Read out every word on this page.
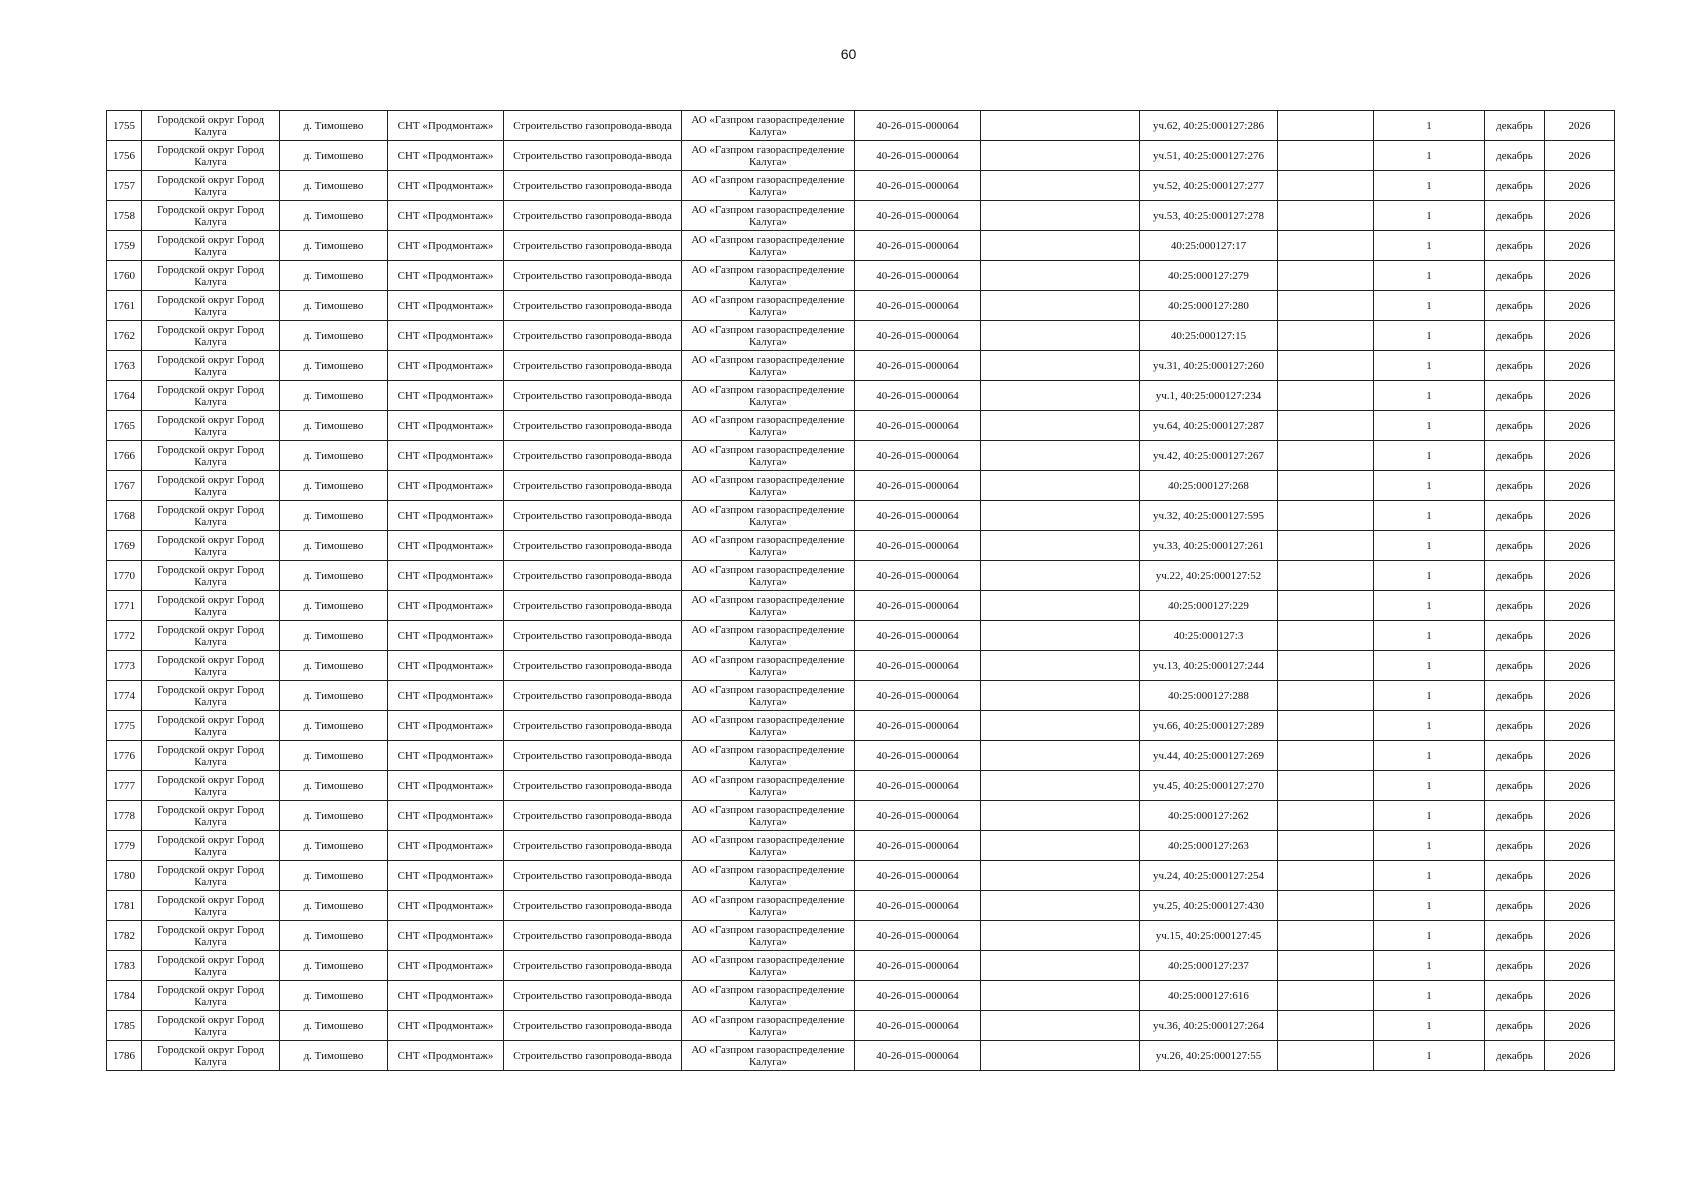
60
1755	Городской округ Город Калуга	д. Тимошево	СНТ «Продмонтаж»	Строительство газопровода-ввода	АО «Газпром газораспределение Калуга»	40-26-015-000064		уч.62, 40:25:000127:286		1	декабрь	2026
1756	Городской округ Город Калуга	д. Тимошево	СНТ «Продмонтаж»	Строительство газопровода-ввода	АО «Газпром газораспределение Калуга»	40-26-015-000064		уч.51, 40:25:000127:276		1	декабрь	2026
1757	Городской округ Город Калуга	д. Тимошево	СНТ «Продмонтаж»	Строительство газопровода-ввода	АО «Газпром газораспределение Калуга»	40-26-015-000064		уч.52, 40:25:000127:277		1	декабрь	2026
1758	Городской округ Город Калуга	д. Тимошево	СНТ «Продмонтаж»	Строительство газопровода-ввода	АО «Газпром газораспределение Калуга»	40-26-015-000064		уч.53, 40:25:000127:278		1	декабрь	2026
1759	Городской округ Город Калуга	д. Тимошево	СНТ «Продмонтаж»	Строительство газопровода-ввода	АО «Газпром газораспределение Калуга»	40-26-015-000064		40:25:000127:17		1	декабрь	2026
1760	Городской округ Город Калуга	д. Тимошево	СНТ «Продмонтаж»	Строительство газопровода-ввода	АО «Газпром газораспределение Калуга»	40-26-015-000064		40:25:000127:279		1	декабрь	2026
1761	Городской округ Город Калуга	д. Тимошево	СНТ «Продмонтаж»	Строительство газопровода-ввода	АО «Газпром газораспределение Калуга»	40-26-015-000064		40:25:000127:280		1	декабрь	2026
1762	Городской округ Город Калуга	д. Тимошево	СНТ «Продмонтаж»	Строительство газопровода-ввода	АО «Газпром газораспределение Калуга»	40-26-015-000064		40:25:000127:15		1	декабрь	2026
1763	Городской округ Город Калуга	д. Тимошево	СНТ «Продмонтаж»	Строительство газопровода-ввода	АО «Газпром газораспределение Калуга»	40-26-015-000064		уч.31, 40:25:000127:260		1	декабрь	2026
1764	Городской округ Город Калуга	д. Тимошево	СНТ «Продмонтаж»	Строительство газопровода-ввода	АО «Газпром газораспределение Калуга»	40-26-015-000064		уч.1, 40:25:000127:234		1	декабрь	2026
1765	Городской округ Город Калуга	д. Тимошево	СНТ «Продмонтаж»	Строительство газопровода-ввода	АО «Газпром газораспределение Калуга»	40-26-015-000064		уч.64, 40:25:000127:287		1	декабрь	2026
1766	Городской округ Город Калуга	д. Тимошево	СНТ «Продмонтаж»	Строительство газопровода-ввода	АО «Газпром газораспределение Калуга»	40-26-015-000064		уч.42, 40:25:000127:267		1	декабрь	2026
1767	Городской округ Город Калуга	д. Тимошево	СНТ «Продмонтаж»	Строительство газопровода-ввода	АО «Газпром газораспределение Калуга»	40-26-015-000064		40:25:000127:268		1	декабрь	2026
1768	Городской округ Город Калуга	д. Тимошево	СНТ «Продмонтаж»	Строительство газопровода-ввода	АО «Газпром газораспределение Калуга»	40-26-015-000064		уч.32, 40:25:000127:595		1	декабрь	2026
1769	Городской округ Город Калуга	д. Тимошево	СНТ «Продмонтаж»	Строительство газопровода-ввода	АО «Газпром газораспределение Калуга»	40-26-015-000064		уч.33, 40:25:000127:261		1	декабрь	2026
1770	Городской округ Город Калуга	д. Тимошево	СНТ «Продмонтаж»	Строительство газопровода-ввода	АО «Газпром газораспределение Калуга»	40-26-015-000064		уч.22, 40:25:000127:52		1	декабрь	2026
1771	Городской округ Город Калуга	д. Тимошево	СНТ «Продмонтаж»	Строительство газопровода-ввода	АО «Газпром газораспределение Калуга»	40-26-015-000064		40:25:000127:229		1	декабрь	2026
1772	Городской округ Город Калуга	д. Тимошево	СНТ «Продмонтаж»	Строительство газопровода-ввода	АО «Газпром газораспределение Калуга»	40-26-015-000064		40:25:000127:3		1	декабрь	2026
1773	Городской округ Город Калуга	д. Тимошево	СНТ «Продмонтаж»	Строительство газопровода-ввода	АО «Газпром газораспределение Калуга»	40-26-015-000064		уч.13, 40:25:000127:244		1	декабрь	2026
1774	Городской округ Город Калуга	д. Тимошево	СНТ «Продмонтаж»	Строительство газопровода-ввода	АО «Газпром газораспределение Калуга»	40-26-015-000064		40:25:000127:288		1	декабрь	2026
1775	Городской округ Город Калуга	д. Тимошево	СНТ «Продмонтаж»	Строительство газопровода-ввода	АО «Газпром газораспределение Калуга»	40-26-015-000064		уч.66, 40:25:000127:289		1	декабрь	2026
1776	Городской округ Город Калуга	д. Тимошево	СНТ «Продмонтаж»	Строительство газопровода-ввода	АО «Газпром газораспределение Калуга»	40-26-015-000064		уч.44, 40:25:000127:269		1	декабрь	2026
1777	Городской округ Город Калуга	д. Тимошево	СНТ «Продмонтаж»	Строительство газопровода-ввода	АО «Газпром газораспределение Калуга»	40-26-015-000064		уч.45, 40:25:000127:270		1	декабрь	2026
1778	Городской округ Город Калуга	д. Тимошево	СНТ «Продмонтаж»	Строительство газопровода-ввода	АО «Газпром газораспределение Калуга»	40-26-015-000064		40:25:000127:262		1	декабрь	2026
1779	Городской округ Город Калуга	д. Тимошево	СНТ «Продмонтаж»	Строительство газопровода-ввода	АО «Газпром газораспределение Калуга»	40-26-015-000064		40:25:000127:263		1	декабрь	2026
1780	Городской округ Город Калуга	д. Тимошево	СНТ «Продмонтаж»	Строительство газопровода-ввода	АО «Газпром газораспределение Калуга»	40-26-015-000064		уч.24, 40:25:000127:254		1	декабрь	2026
1781	Городской округ Город Калуга	д. Тимошево	СНТ «Продмонтаж»	Строительство газопровода-ввода	АО «Газпром газораспределение Калуга»	40-26-015-000064		уч.25, 40:25:000127:430		1	декабрь	2026
1782	Городской округ Город Калуга	д. Тимошево	СНТ «Продмонтаж»	Строительство газопровода-ввода	АО «Газпром газораспределение Калуга»	40-26-015-000064		уч.15, 40:25:000127:45		1	декабрь	2026
1783	Городской округ Город Калуга	д. Тимошево	СНТ «Продмонтаж»	Строительство газопровода-ввода	АО «Газпром газораспределение Калуга»	40-26-015-000064		40:25:000127:237		1	декабрь	2026
1784	Городской округ Город Калуга	д. Тимошево	СНТ «Продмонтаж»	Строительство газопровода-ввода	АО «Газпром газораспределение Калуга»	40-26-015-000064		40:25:000127:616		1	декабрь	2026
1785	Городской округ Город Калуга	д. Тимошево	СНТ «Продмонтаж»	Строительство газопровода-ввода	АО «Газпром газораспределение Калуга»	40-26-015-000064		уч.36, 40:25:000127:264		1	декабрь	2026
1786	Городской округ Город Калуга	д. Тимошево	СНТ «Продмонтаж»	Строительство газопровода-ввода	АО «Газпром газораспределение Калуга»	40-26-015-000064		уч.26, 40:25:000127:55		1	декабрь	2026
